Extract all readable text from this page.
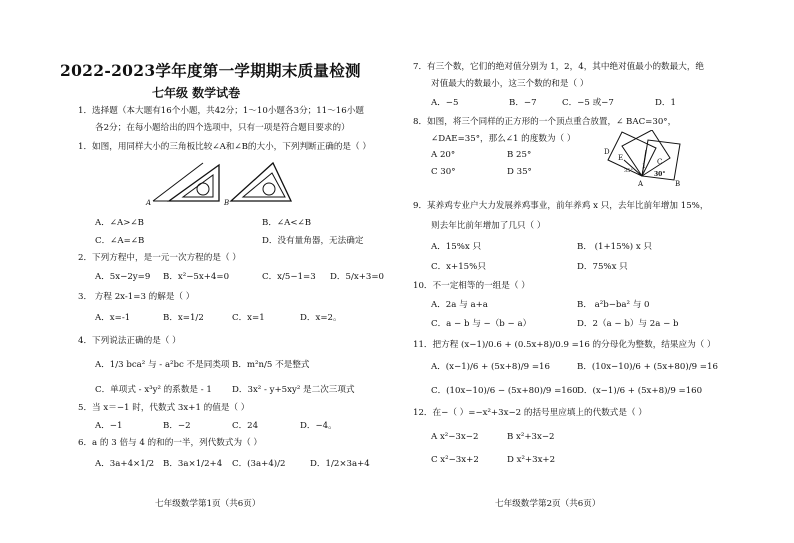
2022-2023学年度第一学期期末质量检测
七年级 数学试卷
1．选择题（本大题有16个小题，共42分；1～10小题各3分；11～16小题
各2分；在每小题给出的四个选项中，只有一项是符合题目要求的）
1．如图，用同样大小的三角板比较∠A和∠B的大小，下列判断正确的是（ ）
A	B
A．∠A>∠B	B．∠A<∠B
C．∠A=∠B	D．没有量角器，无法确定
2．下列方程中，是一元一次方程的是（ ）
A．5x−2y=9 B．x²−5x+4=0	C．x/5−1=3 D．5/x+3=0
3． 方程 2x-1=3 的解是（ ）
A．x=-1	B．x=1/2	C．x=1	D．x=2。
4．下列说法正确的是（ ）
A．1/3 bca² 与 - a²bc 不是同类项 B．m²n/5 不是整式
C．单项式 - x³y² 的系数是 - 1 D．3x² - y+5xy² 是二次三项式
5．当 x＝−1 时，代数式 3x+1 的值是（ ）
A．−1	B．−2	C．24	D．−4。
6．a 的 3 倍与 4 的和的一半，列代数式为（ ）
A．3a+4×1/2 B．3a×1/2+4 C．(3a+4)/2	D．1/2×3a+4
七年级数学第1页（共6页）
7．有三个数，它们的绝对值分别为 1，2，4，其中绝对值最小的数最大，绝
对值最大的数最小，这三个数的和是（ ）
A．−5	B．−7	C．−5 或−7	D．1
8．如图，将三个同样的正方形的一个顶点重合放置，∠ BAC=30°，
∠DAE=35°，那么∠1 的度数为（ ）
A 20°	B 25°
C 30°	D 35°
D
E	C
A	B
1
30°
35°
9．某养鸡专业户大力发展养鸡事业，前年养鸡 x 只，去年比前年增加 15%，
则去年比前年增加了几只（ ）
A．15%x 只	B． (1+15%) x 只
C．x+15%只	D．75%x 只
10．不一定相等的一组是（ ）
A．2a 与 a+a	B． a²b−ba² 与 0
C．a − b 与 −（b − a）	D．2（a − b）与 2a − b
11．把方程 (x−1)/0.6 + (0.5x+8)/0.9 =16 的分母化为整数，结果应为（ ）
A．(x−1)/6 + (5x+8)/9 =16	B．(10x−10)/6 + (5x+80)/9 =16
C．(10x−10)/6 − (5x+80)/9 =160 D．(x−1)/6 + (5x+8)/9 =160
12．在−（ ）=−x²+3x−2 的括号里应填上的代数式是（ ）
A x²−3x−2	B x²+3x−2
C x²−3x+2	D x²+3x+2
七年级数学第2页（共6页）
